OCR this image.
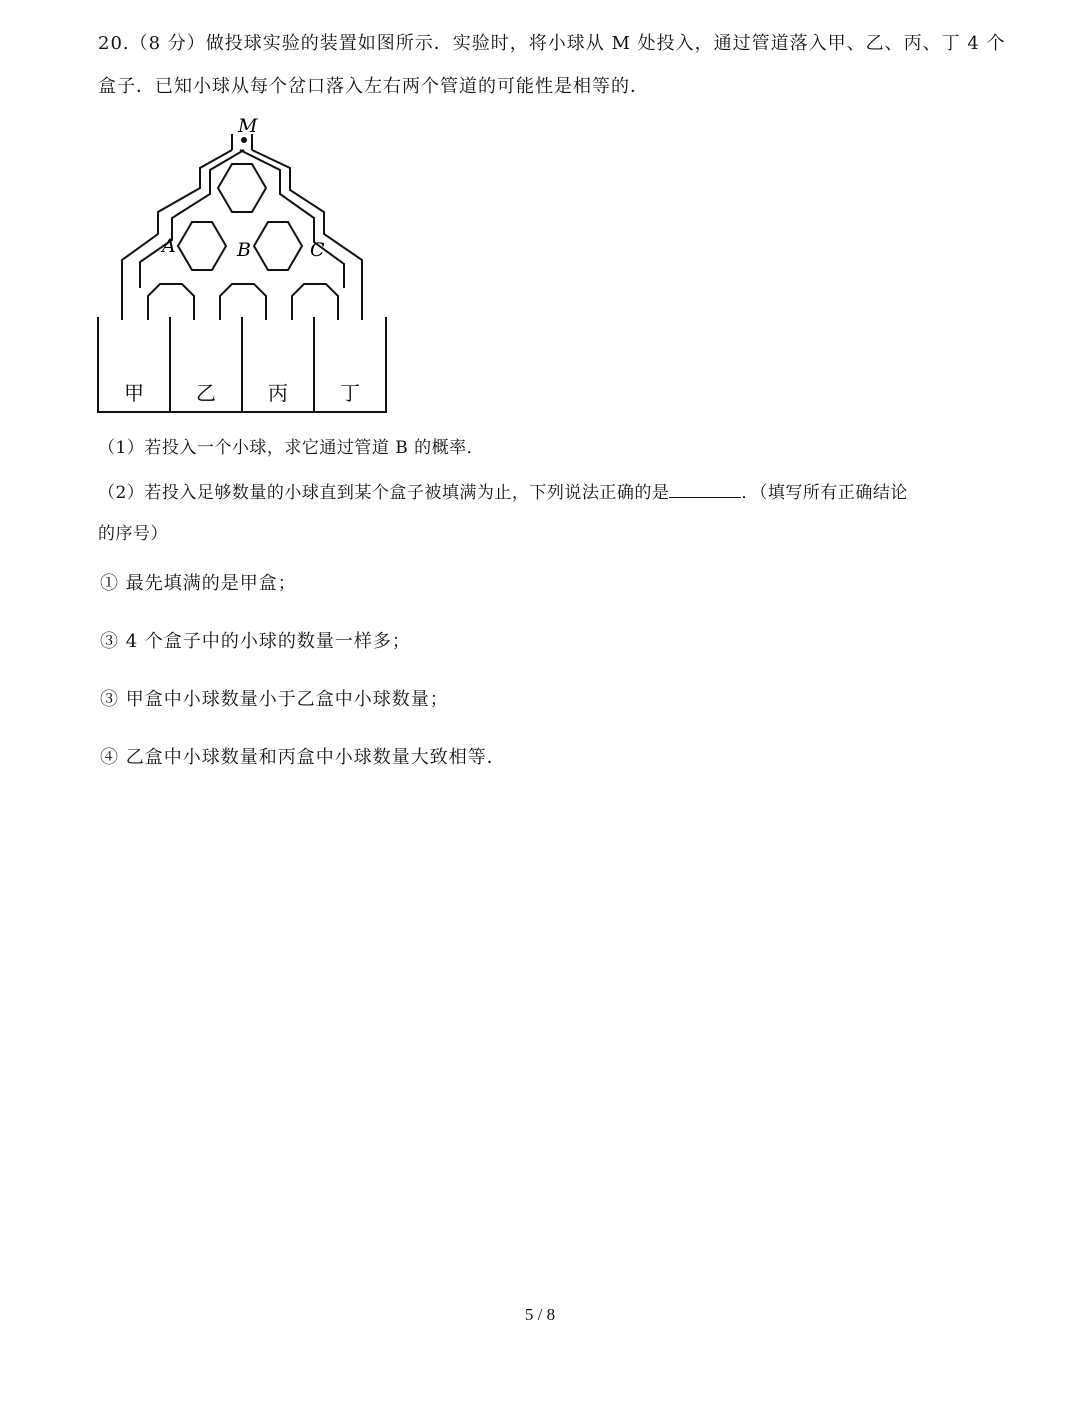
20.（8 分）做投球实验的装置如图所示．实验时，将小球从 M 处投入，通过管道落入甲、乙、丙、丁 4 个
盒子．已知小球从每个岔口落入左右两个管道的可能性是相等的．
M
A	B	C
甲	乙	丙	丁
（1）若投入一个小球，求它通过管道 B 的概率．
（2）若投入足够数量的小球直到某个盒子被填满为止，下列说法正确的是	．（填写所有正确结论
的序号）
① 最先填满的是甲盒；
③ 4 个盒子中的小球的数量一样多；
③ 甲盒中小球数量小于乙盒中小球数量；
④ 乙盒中小球数量和丙盒中小球数量大致相等．
5 / 8
